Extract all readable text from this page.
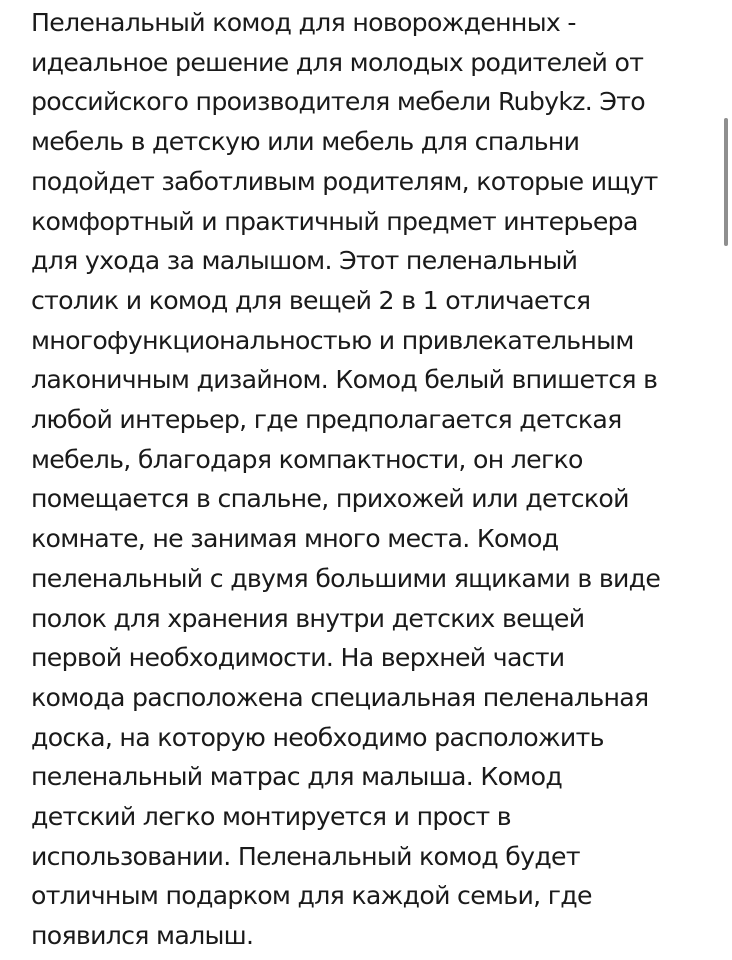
Пеленальный комод для новорожденных -
идеальное решение для молодых родителей от
российского производителя мебели Rubykz. Это
мебель в детскую или мебель для спальни
подойдет заботливым родителям, которые ищут
комфортный и практичный предмет интерьера
для ухода за малышом. Этот пеленальный
столик и комод для вещей 2 в 1 отличается
многофункциональностью и привлекательным
лаконичным дизайном. Комод белый впишется в
любой интерьер, где предполагается детская
мебель, благодаря компактности, он легко
помещается в спальне, прихожей или детской
комнате, не занимая много места. Комод
пеленальный с двумя большими ящиками в виде
полок для хранения внутри детских вещей
первой необходимости. На верхней части
комода расположена специальная пеленальная
доска, на которую необходимо расположить
пеленальный матрас для малыша. Комод
детский легко монтируется и прост в
использовании. Пеленальный комод будет
отличным подарком для каждой семьи, где
появился малыш.
